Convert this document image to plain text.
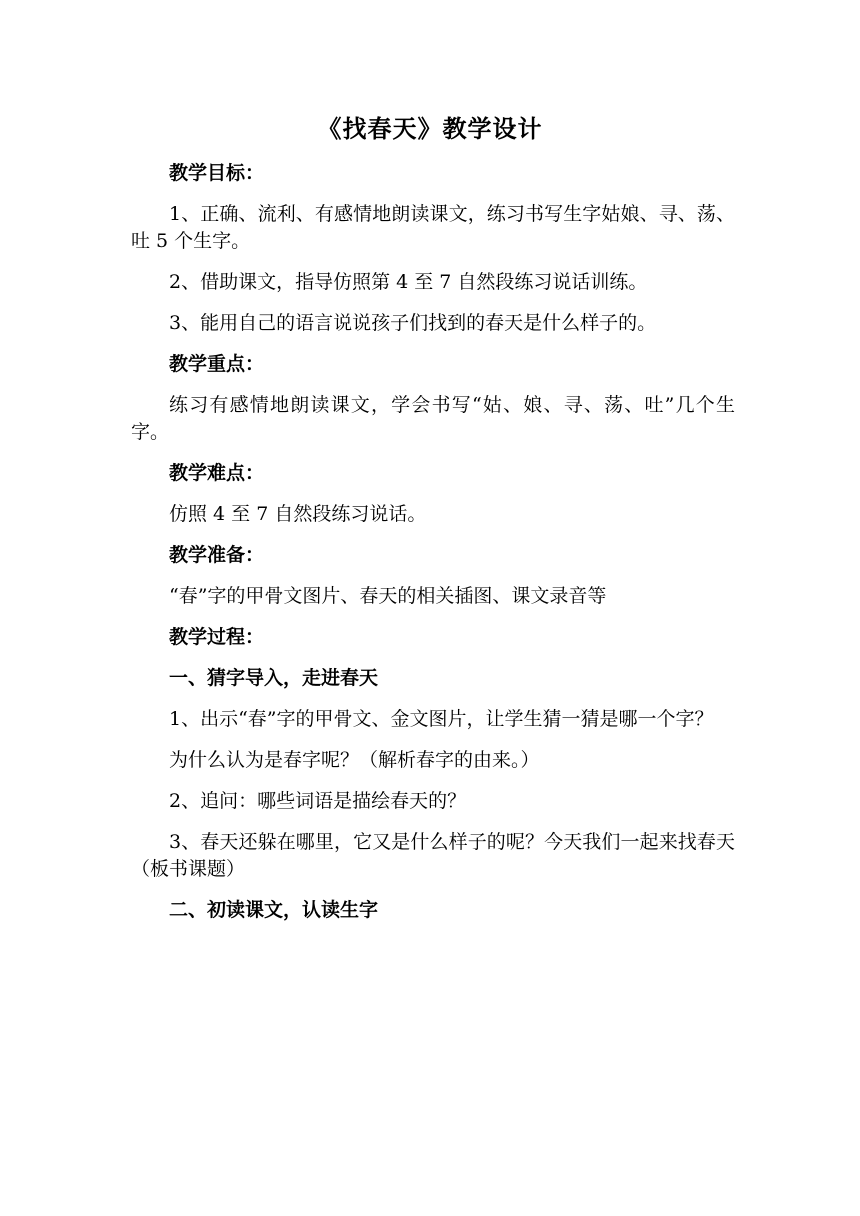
《找春天》教学设计

教学目标：

1、正确、流利、有感情地朗读课文，练习书写生字姑娘、寻、荡、吐 5 个生字。

2、借助课文，指导仿照第 4 至 7 自然段练习说话训练。

3、能用自己的语言说说孩子们找到的春天是什么样子的。

教学重点：

练习有感情地朗读课文，学会书写“姑、娘、寻、荡、吐”几个生字。

教学难点：

仿照 4 至 7 自然段练习说话。

教学准备：

“春”字的甲骨文图片、春天的相关插图、课文录音等

教学过程：

一、猜字导入，走进春天

1、出示“春”字的甲骨文、金文图片，让学生猜一猜是哪一个字？

为什么认为是春字呢？（解析春字的由来。）

2、追问：哪些词语是描绘春天的？

3、春天还躲在哪里，它又是什么样子的呢？今天我们一起来找春天（板书课题）

二、初读课文，认读生字
